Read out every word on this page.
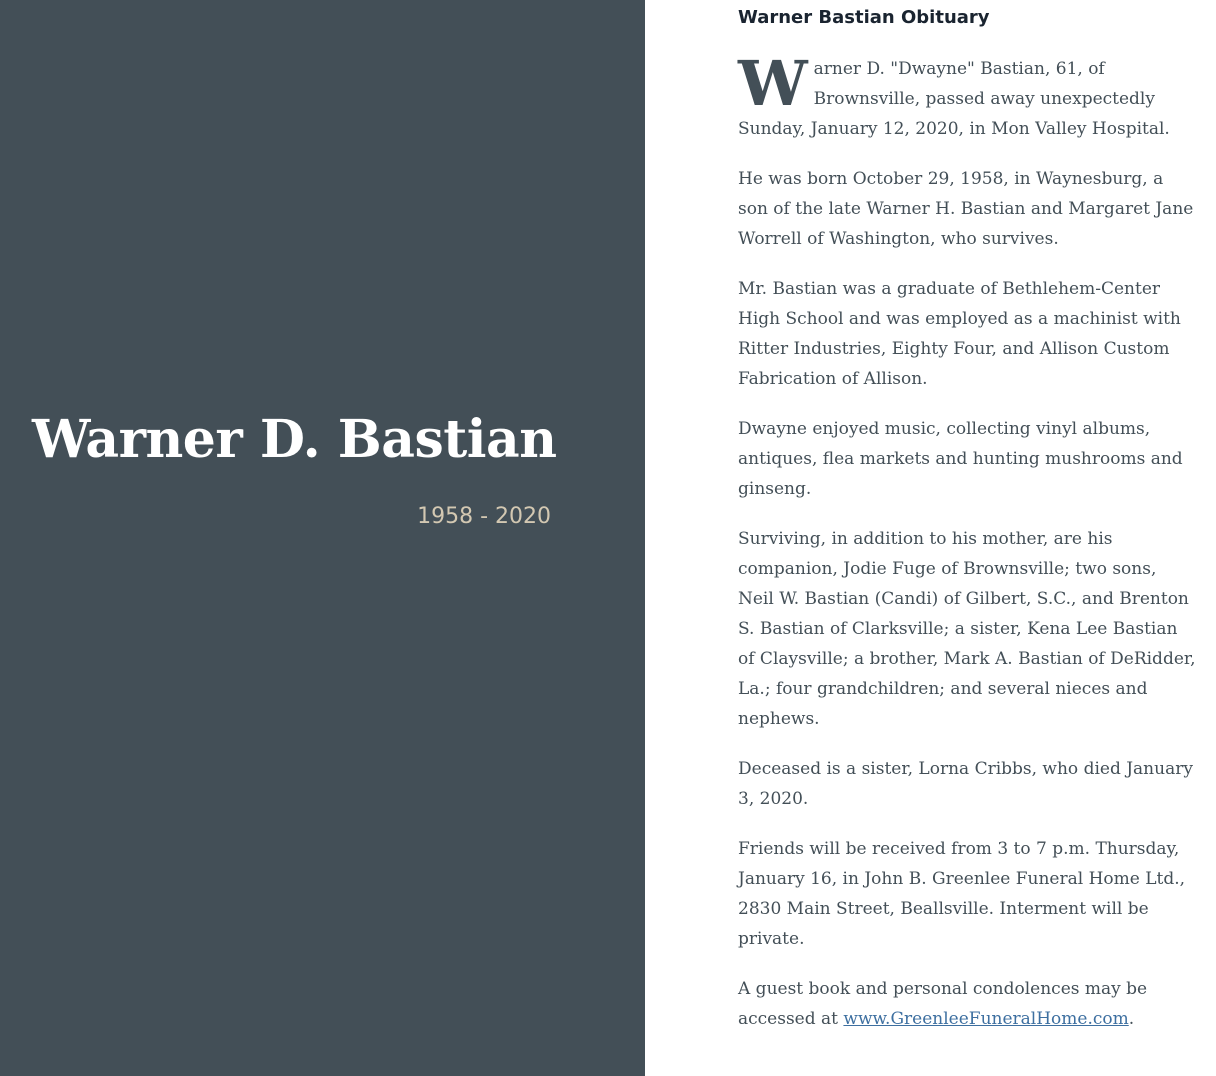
Warner D. Bastian
1958 - 2020
Warner Bastian Obituary

Warner D. "Dwayne" Bastian, 61, of Brownsville, passed away unexpectedly Sunday, January 12, 2020, in Mon Valley Hospital.

He was born October 29, 1958, in Waynesburg, a son of the late Warner H. Bastian and Margaret Jane Worrell of Washington, who survives.

Mr. Bastian was a graduate of Bethlehem-Center High School and was employed as a machinist with Ritter Industries, Eighty Four, and Allison Custom Fabrication of Allison.

Dwayne enjoyed music, collecting vinyl albums, antiques, flea markets and hunting mushrooms and ginseng.

Surviving, in addition to his mother, are his companion, Jodie Fuge of Brownsville; two sons, Neil W. Bastian (Candi) of Gilbert, S.C., and Brenton S. Bastian of Clarksville; a sister, Kena Lee Bastian of Claysville; a brother, Mark A. Bastian of DeRidder, La.; four grandchildren; and several nieces and nephews.

Deceased is a sister, Lorna Cribbs, who died January 3, 2020.

Friends will be received from 3 to 7 p.m. Thursday, January 16, in John B. Greenlee Funeral Home Ltd., 2830 Main Street, Beallsville. Interment will be private.

A guest book and personal condolences may be accessed at www.GreenleeFuneralHome.com.
